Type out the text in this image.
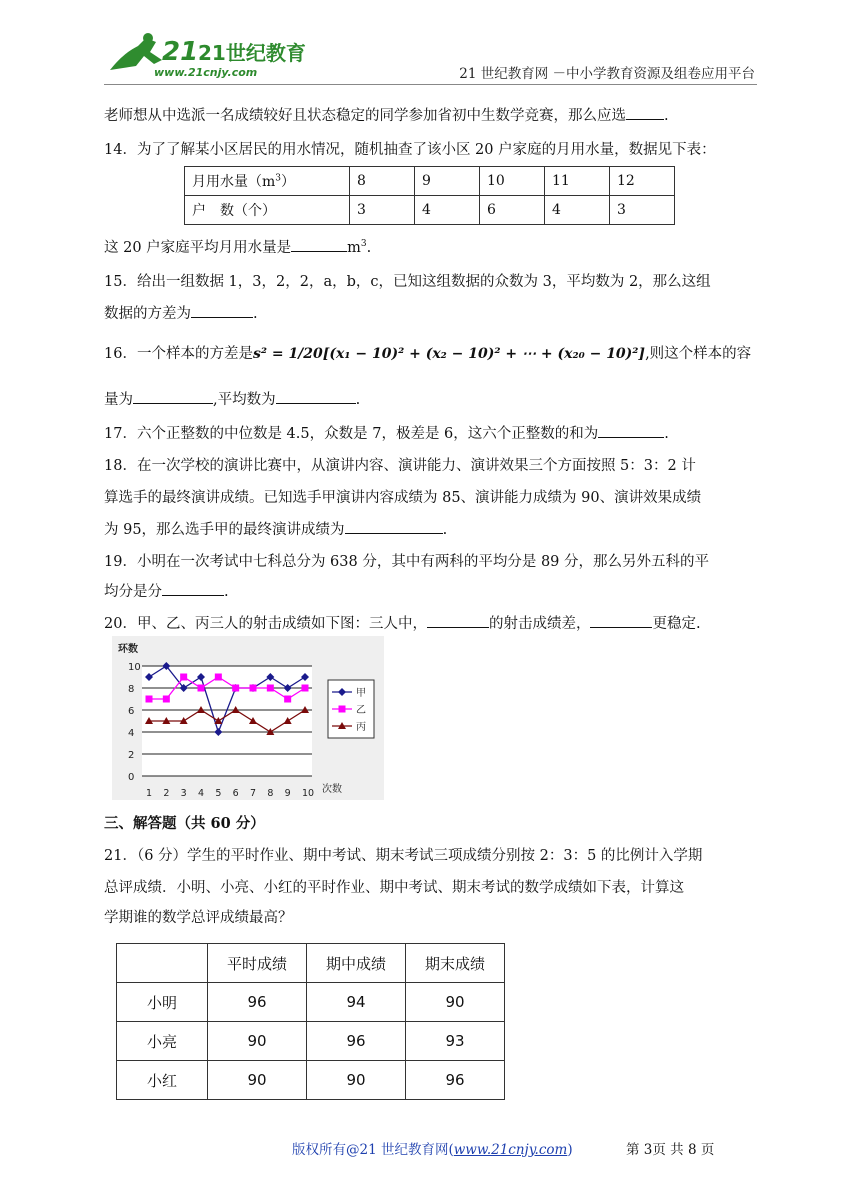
21 21世纪教育
www.21cnjy.com	21 世纪教育网 －中小学教育资源及组卷应用平台
老师想从中选派一名成绩较好且状态稳定的同学参加省初中生数学竞赛，那么应选	.
14．为了了解某小区居民的用水情况，随机抽查了该小区 20 户家庭的月用水量，数据见下表：
月用水量$(m^3)$	8	9	10	11	12
户　数（个）	3	4	6	4	3
这 20 户家庭平均月用水量是	$m^3$.
15．给出一组数据 1，3，2，2，a，b，c，已知这组数据的众数为 3，平均数为 2，那么这组
数据的方差为	.
16．一个样本的方差是s² = 1/20[(x₁ − 10)² + (x₂ − 10)² + ⋯ + (x₂₀ − 10)²],则这个样本的容
量为	,平均数为	.
17．六个正整数的中位数是 4.5，众数是 7，极差是 6，这六个正整数的和为	.
18．在一次学校的演讲比赛中，从演讲内容、演讲能力、演讲效果三个方面按照 5：3：2 计
算选手的最终演讲成绩。已知选手甲演讲内容成绩为 85、演讲能力成绩为 90、演讲效果成绩
为 95，那么选手甲的最终演讲成绩为	.
19．小明在一次考试中七科总分为 638 分，其中有两科的平均分是 89 分，那么另外五科的平
均分是分	.
20．甲、乙、丙三人的射击成绩如下图：三人中，	的射击成绩差，	更稳定.
10
8
6
4
2
0
环数
1 2 3 4 5 6 7 8 9 10 次数
甲
乙
丙
三、解答题（共 60 分）
21．（6 分）学生的平时作业、期中考试、期末考试三项成绩分别按 2：3：5 的比例计入学期
总评成绩．小明、小亮、小红的平时作业、期中考试、期末考试的数学成绩如下表，计算这
学期谁的数学总评成绩最高？
	平时成绩	期中成绩	期末成绩
小明	96	94	90
小亮	90	96	93
小红	90	90	96
版权所有@21 世纪教育网(www.21cnjy.com)	第 3页 共 8 页
